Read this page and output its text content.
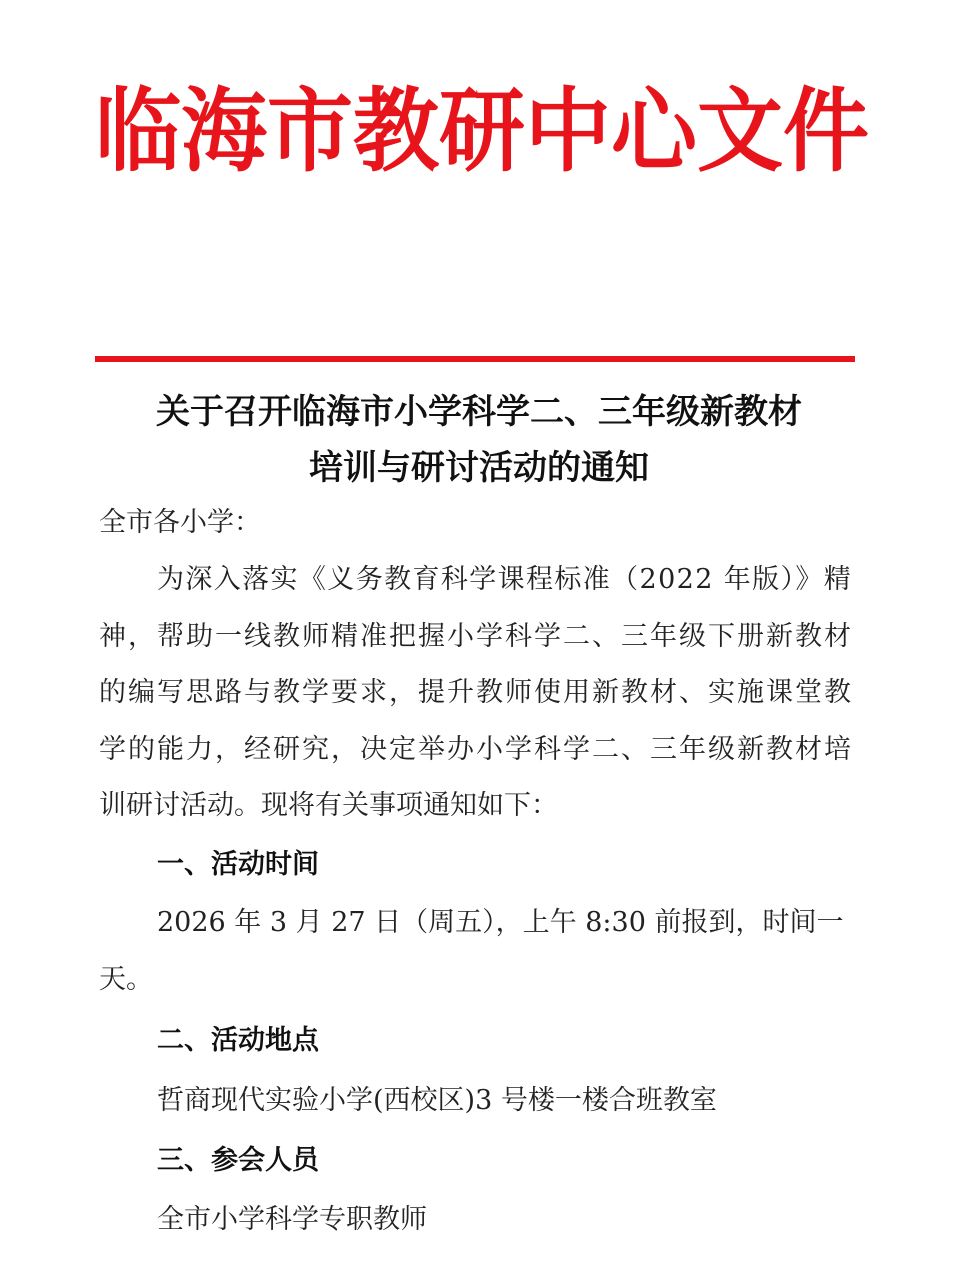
临 海 市 教 研 中 心 文 件
关于召开临海市小学科学二、三年级新教材
培训与研讨活动的通知
全市各小学：
为深入落实《义务教育科学课程标准（2022 年版）》精
神，帮助一线教师精准把握小学科学二、三年级下册新教材
的编写思路与教学要求，提升教师使用新教材、实施课堂教
学的能力，经研究，决定举办小学科学二、三年级新教材培
训研讨活动。现将有关事项通知如下：
一、活动时间
2026 年 3 月 27 日（周五），上午 8:30 前报到，时间一
天。
二、活动地点
哲商现代实验小学(西校区)3 号楼一楼合班教室
三、参会人员
全市小学科学专职教师
